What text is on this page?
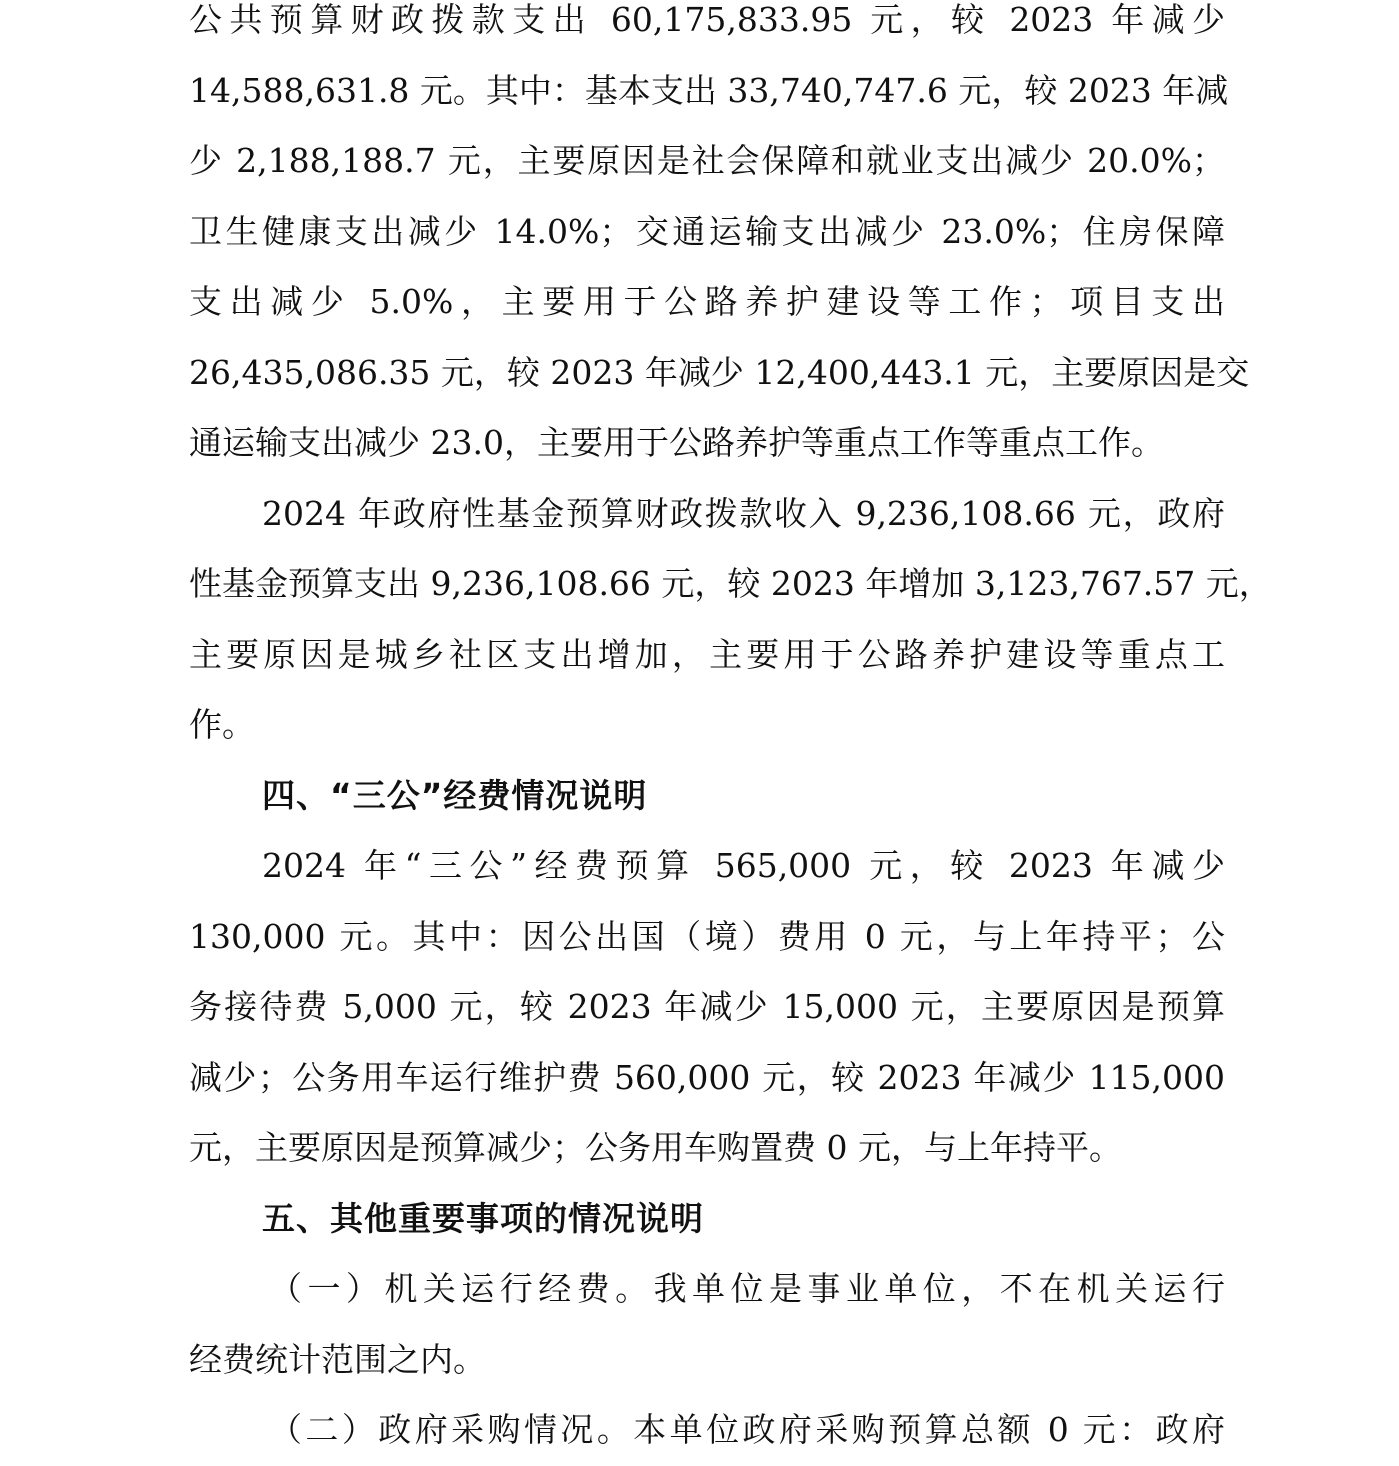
公共预算财政拨款支出 60,175,833.95 元，较 2023 年减少
14,588,631.8 元。其中：基本支出 33,740,747.6 元，较 2023 年减
少 2,188,188.7 元，主要原因是社会保障和就业支出减少 20.0%；
卫生健康支出减少 14.0%；交通运输支出减少 23.0%；住房保障
支出减少 5.0%，主要用于公路养护建设等工作；项目支出
26,435,086.35 元，较 2023 年减少 12,400,443.1 元，主要原因是交
通运输支出减少 23.0，主要用于公路养护等重点工作等重点工作。
2024 年政府性基金预算财政拨款收入 9,236,108.66 元，政府
性基金预算支出 9,236,108.66 元，较 2023 年增加 3,123,767.57 元，
主要原因是城乡社区支出增加，主要用于公路养护建设等重点工
作。
四、“三公”经费情况说明
2024 年“三公”经费预算 565,000 元，较 2023 年减少
130,000 元。其中：因公出国（境）费用 0 元，与上年持平；公
务接待费 5,000 元，较 2023 年减少 15,000 元，主要原因是预算
减少；公务用车运行维护费 560,000 元，较 2023 年减少 115,000
元，主要原因是预算减少；公务用车购置费 0 元，与上年持平。
五、其他重要事项的情况说明
（一）机关运行经费。我单位是事业单位，不在机关运行
经费统计范围之内。
（二）政府采购情况。本单位政府采购预算总额 0 元：政府
